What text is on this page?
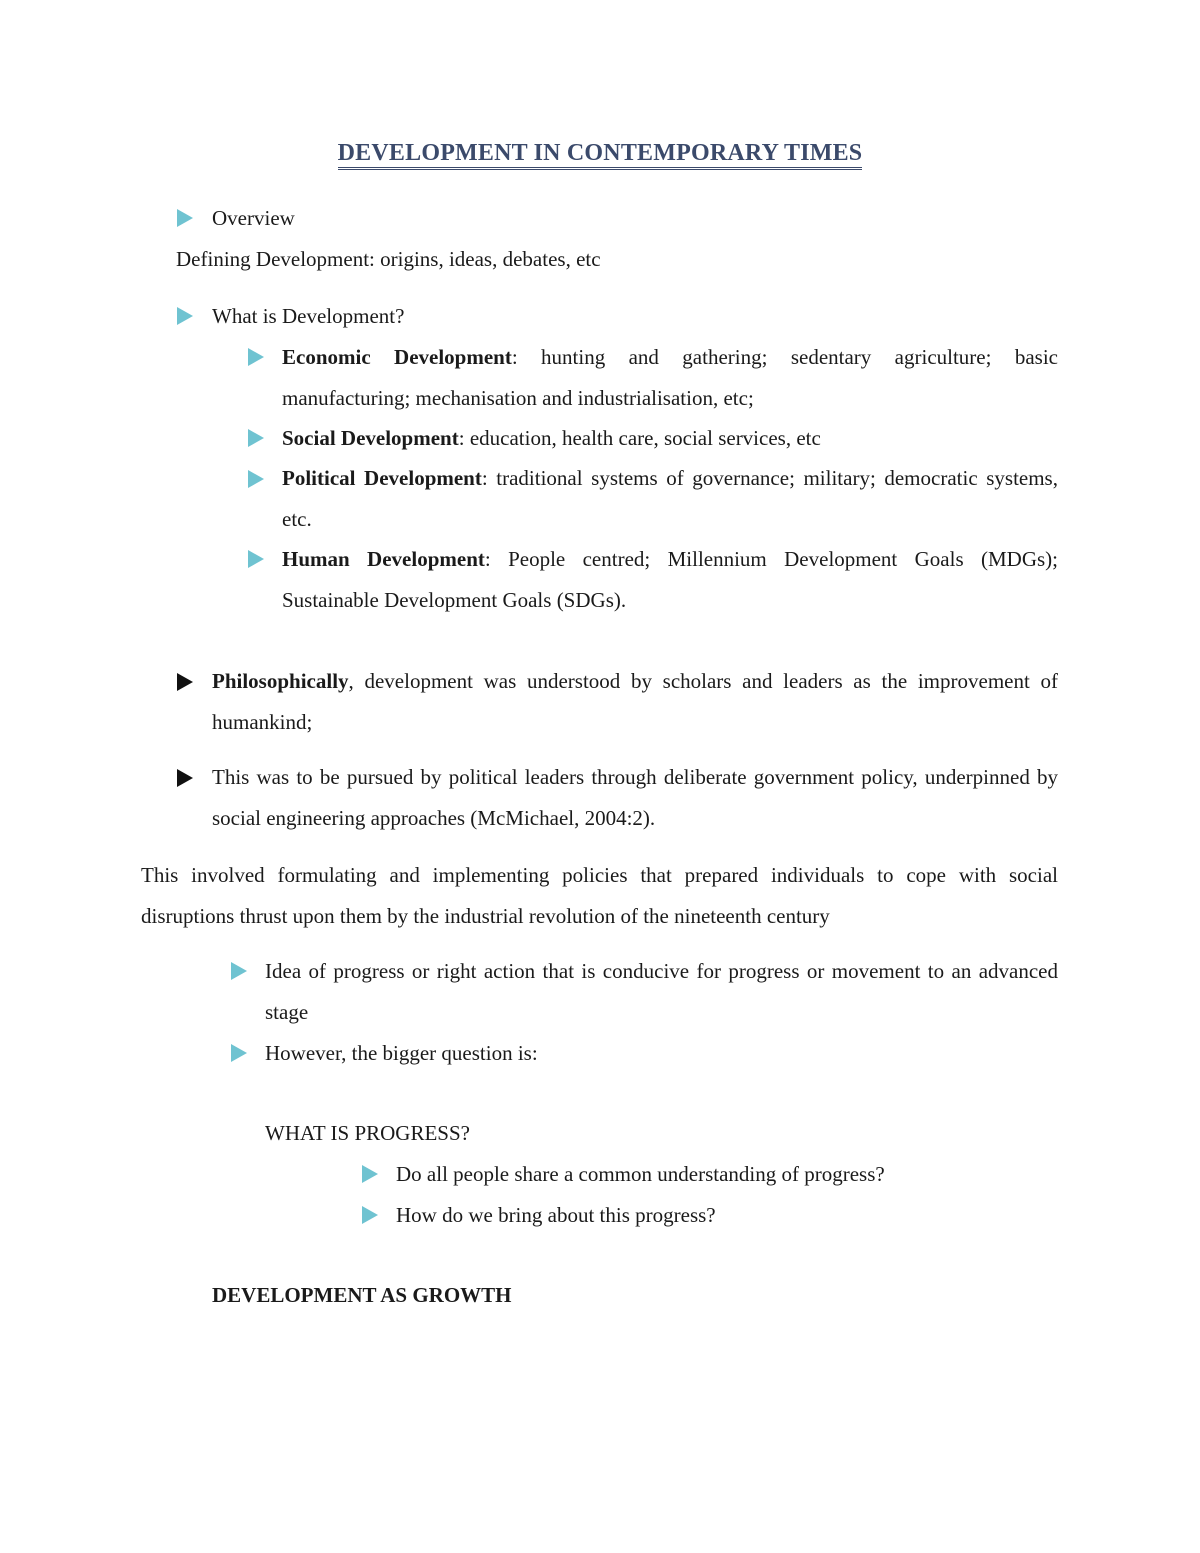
DEVELOPMENT IN CONTEMPORARY TIMES
Overview
Defining Development: origins, ideas, debates, etc
What is Development?
Economic Development: hunting and gathering; sedentary agriculture; basic manufacturing; mechanisation and industrialisation, etc;
Social Development: education, health care, social services, etc
Political Development: traditional systems of governance; military; democratic systems, etc.
Human Development: People centred; Millennium Development Goals (MDGs); Sustainable Development Goals (SDGs).
Philosophically, development was understood by scholars and leaders as the improvement of humankind;
This was to be pursued by political leaders through deliberate government policy, underpinned by social engineering approaches (McMichael, 2004:2).
This involved formulating and implementing policies that prepared individuals to cope with social disruptions thrust upon them by the industrial revolution of the nineteenth century
Idea of progress or right action that is conducive for progress or movement to an advanced stage
However, the bigger question is:
WHAT IS PROGRESS?
Do all people share a common understanding of progress?
How do we bring about this progress?
DEVELOPMENT AS GROWTH
